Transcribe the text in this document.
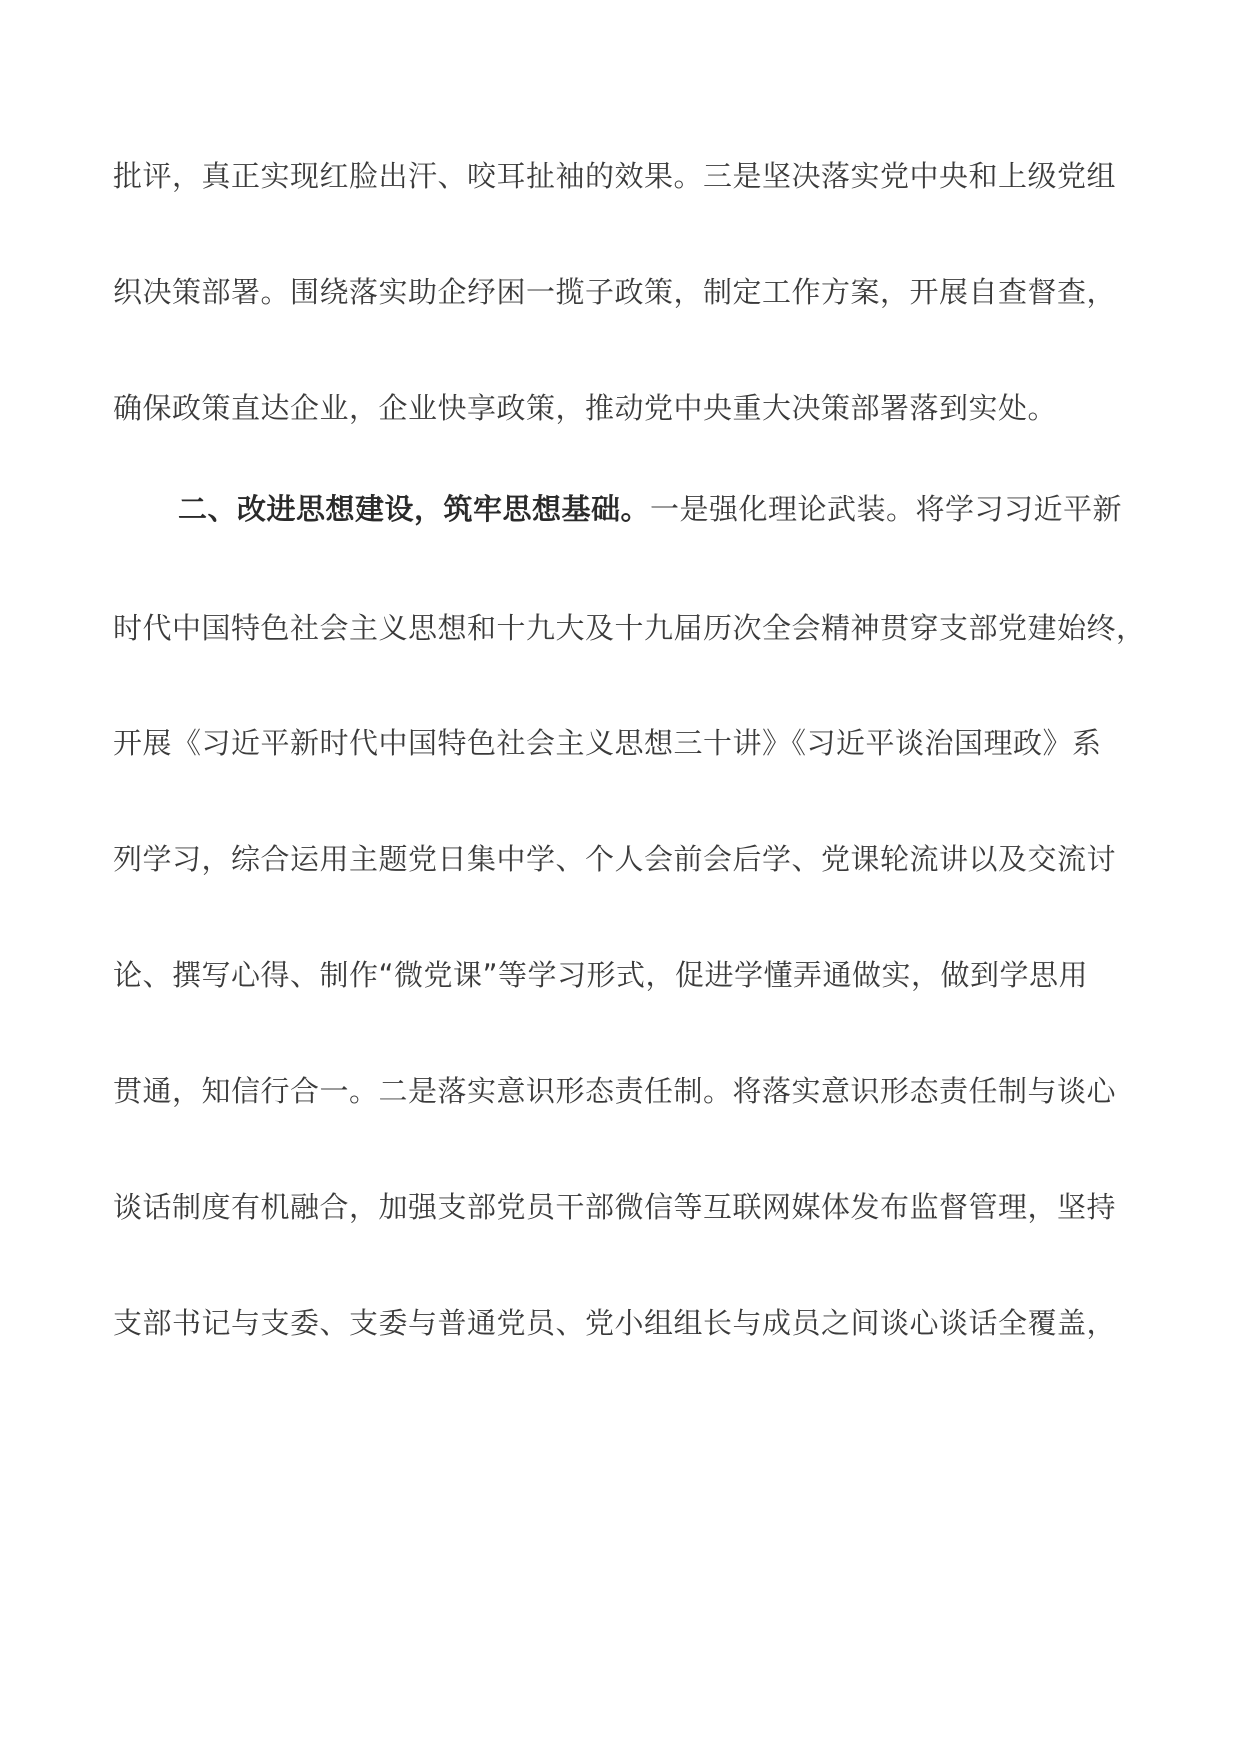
批评，真正实现红脸出汗、咬耳扯袖的效果。三是坚决落实党中央和上级党组
织决策部署。围绕落实助企纾困一揽子政策，制定工作方案，开展自查督查，
确保政策直达企业，企业快享政策，推动党中央重大决策部署落到实处。
二、改进思想建设，筑牢思想基础。一是强化理论武装。将学习习近平新
时代中国特色社会主义思想和十九大及十九届历次全会精神贯穿支部党建始终，
开展《习近平新时代中国特色社会主义思想三十讲》《习近平谈治国理政》系
列学习，综合运用主题党日集中学、个人会前会后学、党课轮流讲以及交流讨
论、撰写心得、制作“微党课”等学习形式，促进学懂弄通做实，做到学思用
贯通，知信行合一。二是落实意识形态责任制。将落实意识形态责任制与谈心
谈话制度有机融合，加强支部党员干部微信等互联网媒体发布监督管理，坚持
支部书记与支委、支委与普通党员、党小组组长与成员之间谈心谈话全覆盖，
